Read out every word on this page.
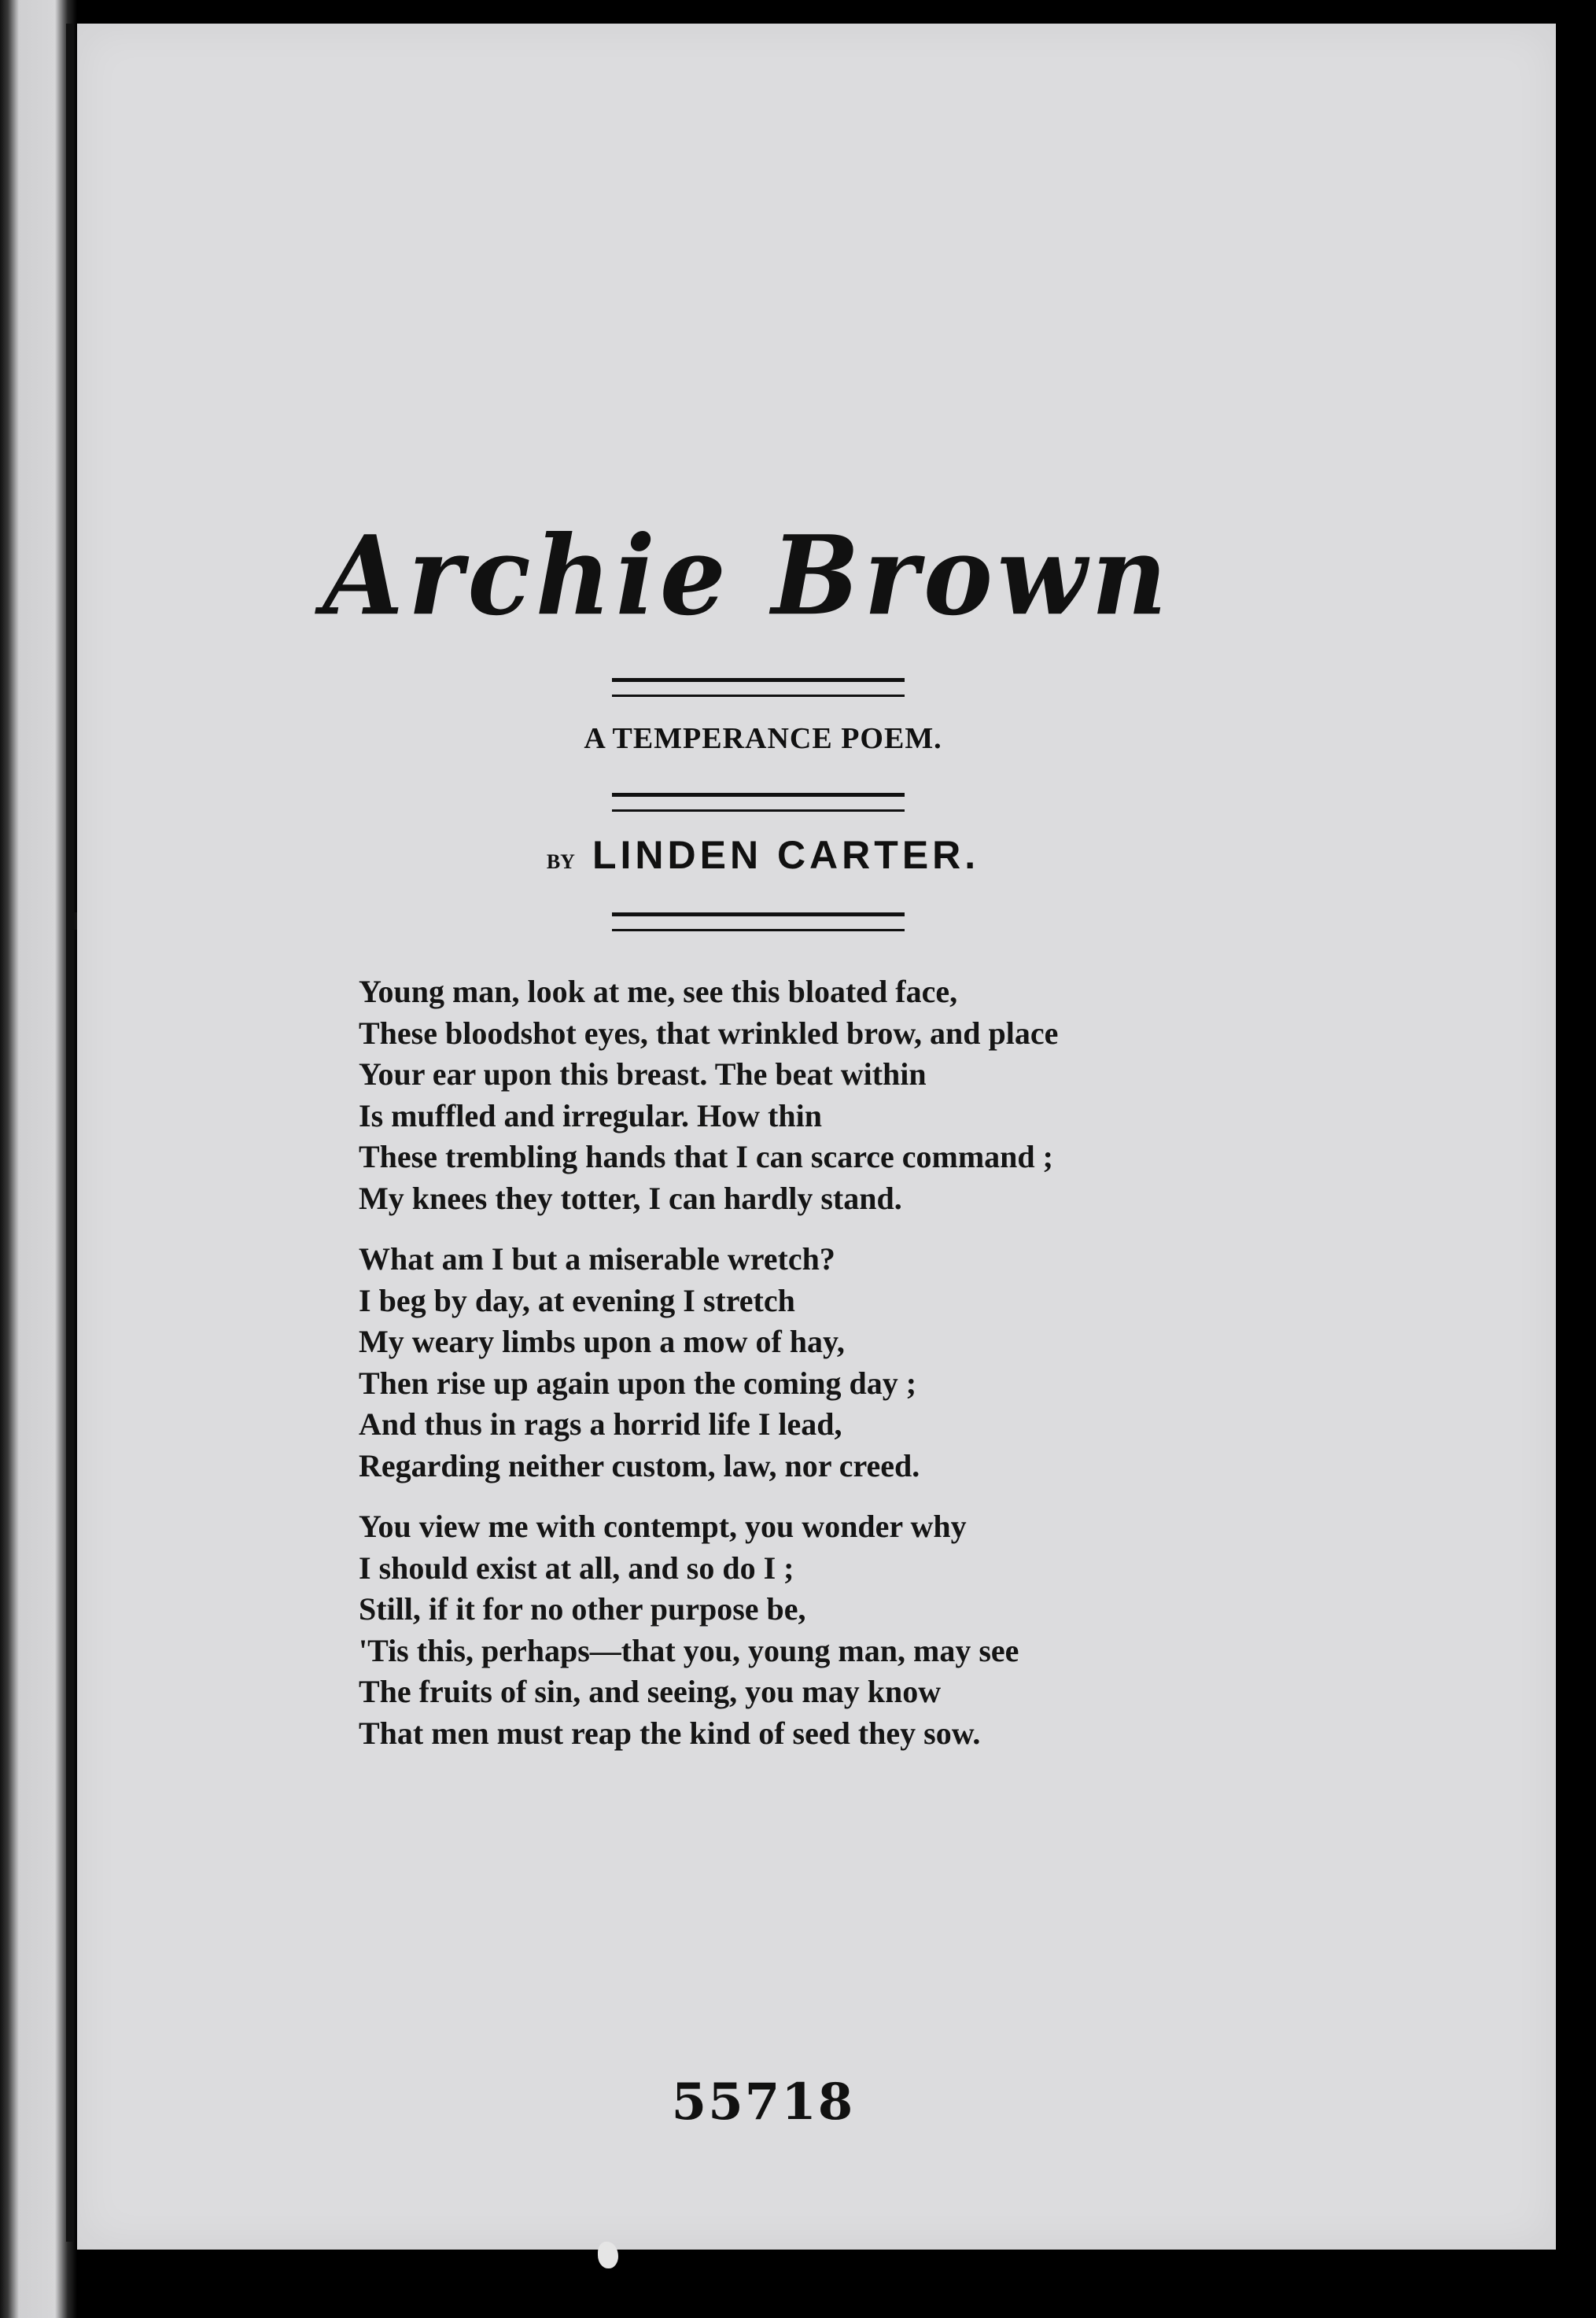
Archie Brown
A TEMPERANCE POEM.
BY LINDEN CARTER.
Young man, look at me, see this bloated face,
These bloodshot eyes, that wrinkled brow, and place
Your ear upon this breast. The beat within
Is muffled and irregular. How thin
These trembling hands that I can scarce command ;
My knees they totter, I can hardly stand.
What am I but a miserable wretch?
I beg by day, at evening I stretch
My weary limbs upon a mow of hay,
Then rise up again upon the coming day ;
And thus in rags a horrid life I lead,
Regarding neither custom, law, nor creed.
You view me with contempt, you wonder why
I should exist at all, and so do I ;
Still, if it for no other purpose be,
'Tis this, perhaps—that you, young man, may see
The fruits of sin, and seeing, you may know
That men must reap the kind of seed they sow.
55718
